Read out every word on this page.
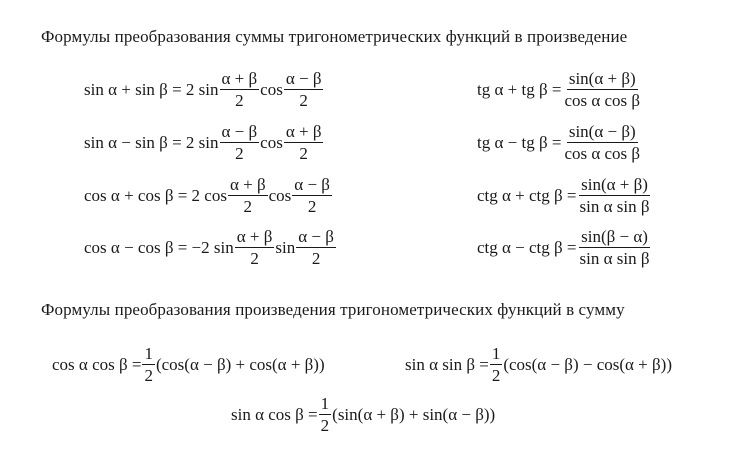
Формулы преобразования суммы тригонометрических функций в произведение
sin α + sin β = 2 $\sin \frac{\alpha + \beta}{2}$ $\cos \frac{\alpha - \beta}{2}$
sin α − sin β = 2 $\sin \frac{\alpha - \beta}{2}$ $\cos \frac{\alpha + \beta}{2}$
cos α + cos β = 2 $\cos \frac{\alpha + \beta}{2}$ $\cos \frac{\alpha - \beta}{2}$
cos α − cos β = −2 $\sin \frac{\alpha + \beta}{2}$ $\sin \frac{\alpha - \beta}{2}$
tg α + tg $\beta = \frac{\sin(\alpha + \beta)}{\text{cos α cos β}}$
tg α − tg $\beta = \frac{\sin(\alpha - \beta)}{\text{cos α cos β}}$
ctg α + ctg $\beta = \frac{\sin(\alpha + \beta)}{\text{sin α sin β}}$
ctg α − ctg $\beta = \frac{\sin(\beta - \alpha)}{\text{sin α sin β}}$
Формулы преобразования произведения тригонометрических функций в сумму
cos α $\cos \beta = \frac{1}{2} (\cos(\alpha - \beta) + \cos(\alpha + \beta))$	sin α $\sin \beta = \frac{1}{2} (\cos(\alpha - \beta) - \cos(\alpha + \beta))$
sin α $\cos \beta = \frac{1}{2} (\sin(\alpha + \beta) + \sin(\alpha - \beta))$
